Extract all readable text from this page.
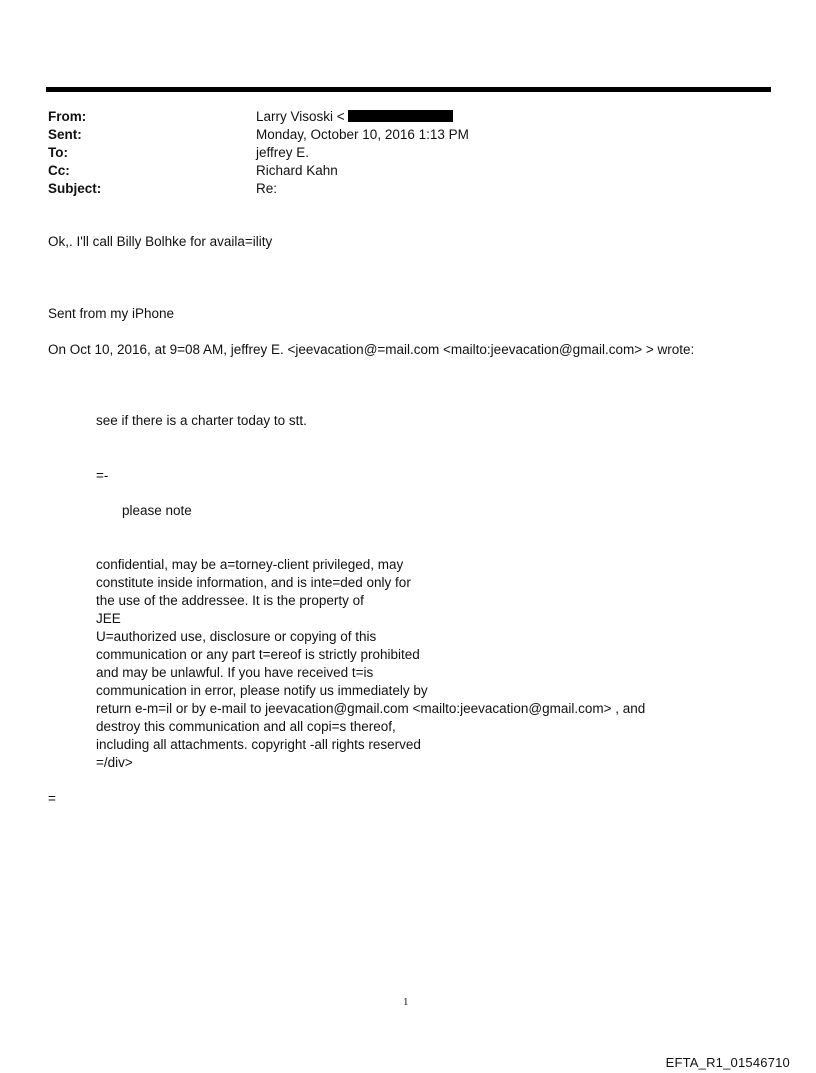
From:	Larry Visoski <
Sent:	Monday, October 10, 2016 1:13 PM
To:	jeffrey E.
Cc:	Richard Kahn
Subject:	Re:

Ok,. I'll call Billy Bolhke for availa=ility

Sent from my iPhone

On Oct 10, 2016, at 9=08 AM, jeffrey E. <jeevacation@=mail.com <mailto:jeevacation@gmail.com> > wrote:

see if there is a charter today to stt.

=-

please note

confidential, may be a=torney-client privileged, may
constitute inside information, and is inte=ded only for
the use of the addressee. It is the property of
JEE
U=authorized use, disclosure or copying of this
communication or any part t=ereof is strictly prohibited
and may be unlawful. If you have received t=is
communication in error, please notify us immediately by
return e-m=il or by e-mail to jeevacation@gmail.com <mailto:jeevacation@gmail.com> , and
destroy this communication and all copi=s thereof,
including all attachments. copyright -all rights reserved
=/div>

=

1
EFTA_R1_01546710
